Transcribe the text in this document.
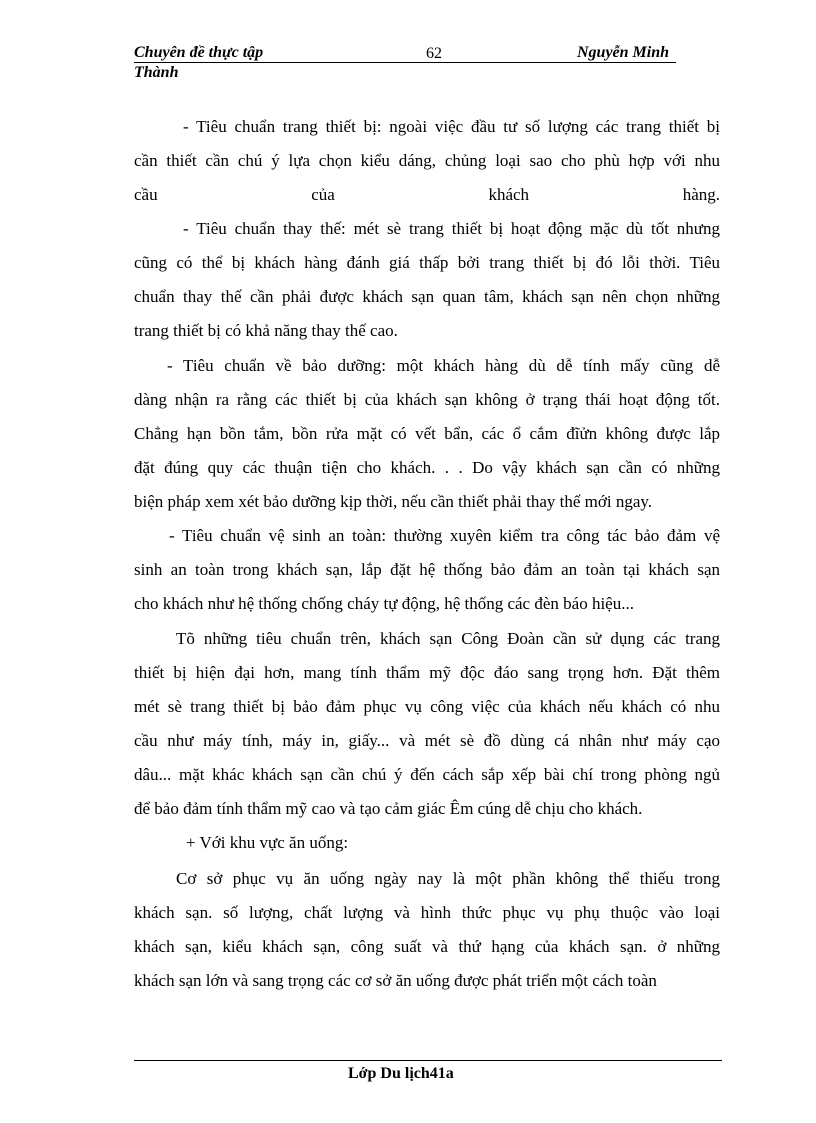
Chuyên đề thực tập	62	Nguyễn Minh
Thành
- Tiêu chuẩn trang thiết bị: ngoài việc đầu tư số lượng các trang thiết bị
cần thiết cần chú ý lựa chọn kiểu dáng, chủng loại sao cho phù hợp với nhu
cầu của khách hàng.
- Tiêu chuẩn thay thế: mét sè trang thiết bị hoạt động mặc dù tốt nhưng
cũng có thể bị khách hàng đánh giá thấp bởi trang thiết bị đó lỗi thời. Tiêu
chuẩn thay thế cần phải được khách sạn quan tâm, khách sạn nên chọn những
trang thiết bị có khả năng thay thế cao.
- Tiêu chuẩn về bảo dưỡng: một khách hàng dù dễ tính mấy cũng dễ
dàng nhận ra rằng các thiết bị của khách sạn không ở trạng thái hoạt động tốt.
Chẳng hạn bồn tắm, bồn rửa mặt có vết bẩn, các ổ cắm đĩửn không được lắp
đặt đúng quy các thuận tiện cho khách. . . Do vậy khách sạn cần có những
biện pháp xem xét bảo dưỡng kịp thời, nếu cần thiết phải thay thế mới ngay.
- Tiêu chuẩn vệ sinh an toàn: thường xuyên kiểm tra công tác bảo đảm vệ
sinh an toàn trong khách sạn, lắp đặt hệ thống bảo đảm an toàn tại khách sạn
cho khách như hệ thống chống cháy tự động, hệ thống các đèn báo hiệu...
Tõ những tiêu chuẩn trên, khách sạn Công Đoàn cần sử dụng các trang
thiết bị hiện đại hơn, mang tính thẩm mỹ độc đáo sang trọng hơn. Đặt thêm
mét sè trang thiết bị bảo đảm phục vụ công việc của khách nếu khách có nhu
cầu như máy tính, máy in, giấy... và mét sè đồ dùng cá nhân như máy cạo
dâu... mặt khác khách sạn cần chú ý đến cách sắp xếp bài chí trong phòng ngủ
để bảo đảm tính thẩm mỹ cao và tạo cảm giác Êm cúng dễ chịu cho khách.
+ Với khu vực ăn uống:
Cơ sở phục vụ ăn uống ngày nay là một phần không thể thiếu trong
khách sạn. số lượng, chất lượng và hình thức phục vụ phụ thuộc vào loại
khách sạn, kiểu khách sạn, công suất và thứ hạng của khách sạn. ở những
khách sạn lớn và sang trọng các cơ sở ăn uống được phát triển một cách toàn
Lớp Du lịch41a
